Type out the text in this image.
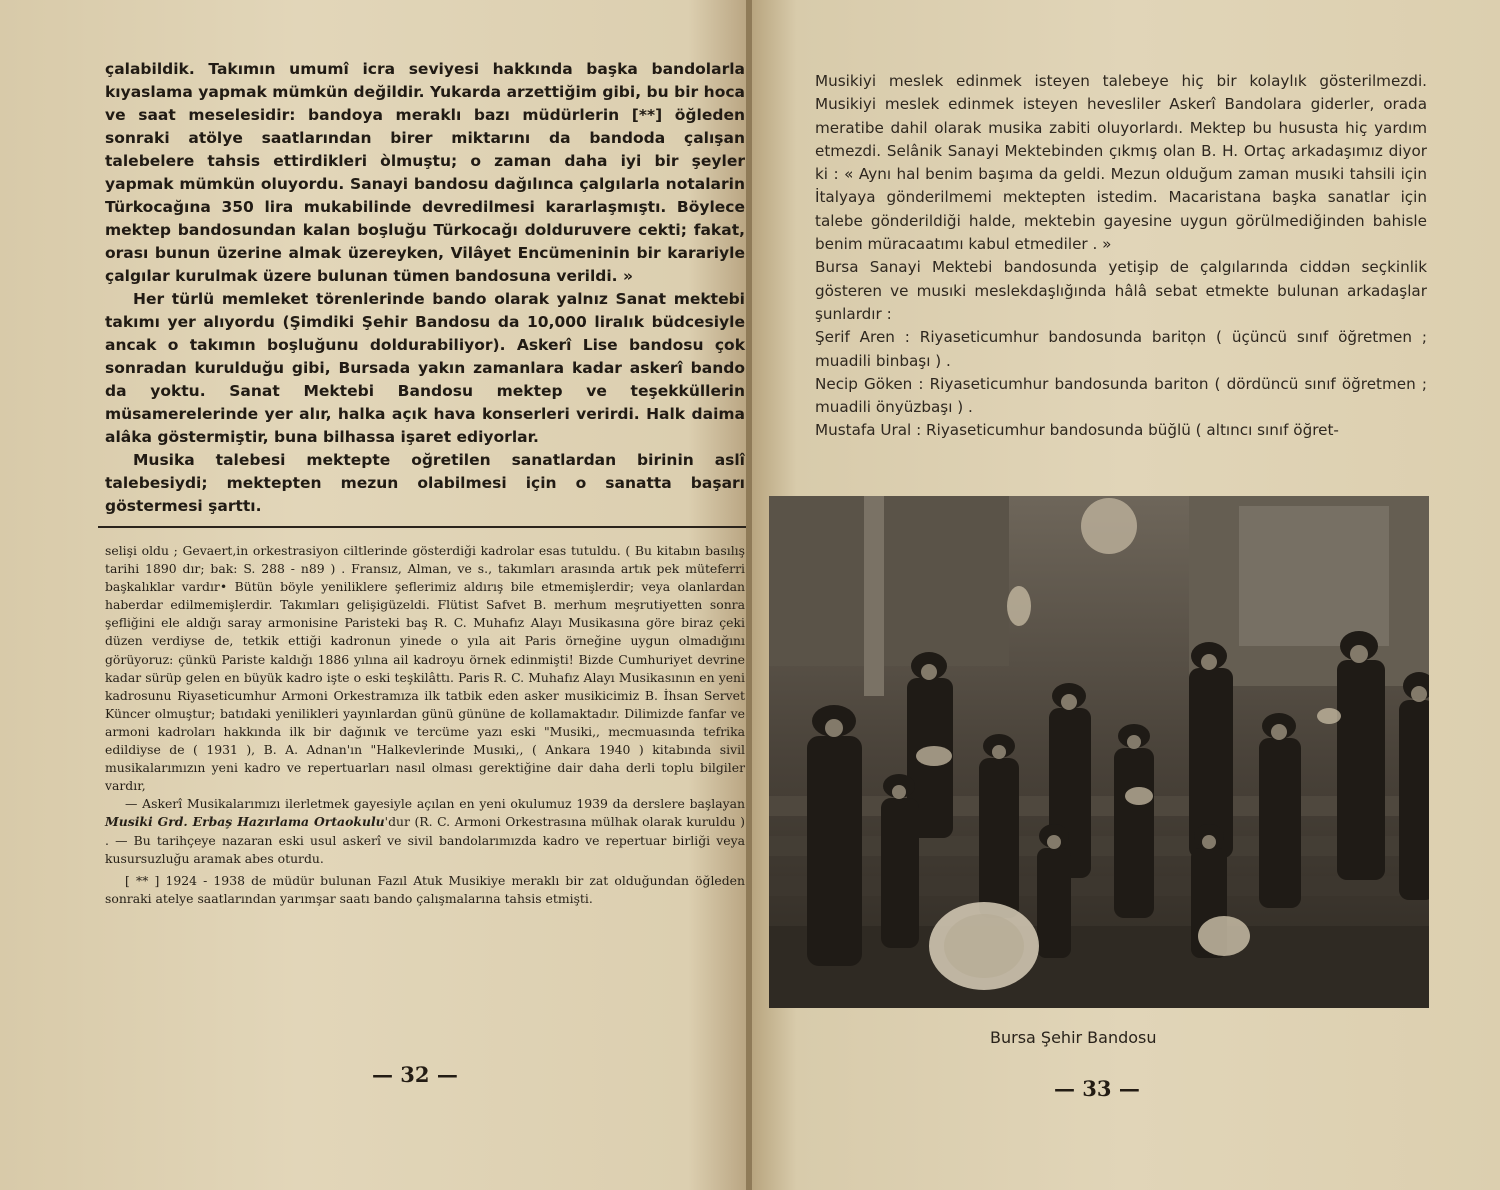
çalabildik. Takımın umumî icra seviyesi hakkında başka bandolarla kıyaslama yapmak mümkün değildir. Yukarda arzettiğim gibi, bu bir hoca ve saat meselesidir: bandoya meraklı bazı müdürlerin [**] öğleden sonraki atölye saatlarından birer miktarını da bandoda çalışan talebelere tahsis ettirdikleri òlmuştu; o zaman daha iyi bir şeyler yapmak mümkün oluyordu. Sanayi bandosu dağılınca çalgılarla notalarin Türkocağına 350 lira mukabilinde devredilmesi kararlaşmıştı. Böylece mektep bandosundan kalan boşluğu Türkocağı dolduruvere cekti; fakat, orası bunun üzerine almak üzereyken, Vilâyet Encümeninin bir karariyle çalgılar kurulmak üzere bulunan tümen bandosuna verildi. »

Her türlü memleket törenlerinde bando olarak yalnız Sanat mektebi takımı yer alıyordu (Şimdiki Şehir Bandosu da 10,000 liralık büdcesiyle ancak o takımın boşluğunu doldurabiliyor). Askerî Lise bandosu çok sonradan kurulduğu gibi, Bursada yakın zamanlara kadar askerî bando da yoktu. Sanat Mektebi Bandosu mektep ve teşekküllerin müsamerelerinde yer alır, halka açık hava konserleri verirdi. Halk daima alâka göstermiştir, buna bilhassa işaret ediyorlar.

Musika talebesi mektepte oğretilen sanatlardan birinin aslî talebesiydi; mektepten mezun olabilmesi için o sanatta başarı göstermesi şarttı.

selişi oldu ; Gevaert,in orkestrasiyon ciltlerinde gösterdiği kadrolar esas tutuldu. ( Bu kitabın basılış tarihi 1890 dır; bak: S. 288 - n89 ) . Fransız, Alman, ve s., takımları arasında artık pek müteferri başkalıklar vardır• Bütün böyle yeniliklere şeflerimiz aldırış bile etmemişlerdir; veya olanlardan haberdar edilmemişlerdir. Takımları gelişigüzeldi. Flütist Safvet B. merhum meşrutiyetten sonra şefliğini ele aldığı saray armonisine Paristeki baş R. C. Muhafız Alayı Musikasına göre biraz çeki düzen verdiyse de, tetkik ettiği kadronun yinede o yıla ait Paris örneğine uygun olmadığını görüyoruz: çünkü Pariste kaldığı 1886 yılına ail kadroyu örnek edinmişti! Bizde Cumhuriyet devrine kadar sürüp gelen en büyük kadro işte o eski teşkilâttı. Paris R. C. Muhafız Alayı Musikasının en yeni kadrosunu Riyaseticumhur Armoni Orkestramıza ilk tatbik eden asker musikicimiz B. İhsan Servet Küncer olmuştur; batıdaki yenilikleri yayınlardan günü gününe de kollamaktadır. Dilimizde fanfar ve armoni kadroları hakkında ilk bir dağınık ve tercüme yazı eski "Musiki,, mecmuasında tefrika edildiyse de ( 1931 ), B. A. Adnan'ın "Halkevlerinde Musıki,, ( Ankara 1940 ) kitabında sivil musikalarımızın yeni kadro ve repertuarları nasıl olması gerektiğine dair daha derli toplu bilgiler vardır,

— Askerî Musikalarımızı ilerletmek gayesiyle açılan en yeni okulumuz 1939 da derslere başlayan Musiki Grd. Erbaş Hazırlama Ortaokulu'dur (R. C. Armoni Orkestrasına mülhak olarak kuruldu ) . — Bu tarihçeye nazaran eski usul askerî ve sivil bandolarımızda kadro ve repertuar birliği veya kusursuzluğu aramak abes oturdu.

[ ** ] 1924 - 1938 de müdür bulunan Fazıl Atuk Musikiye meraklı bir zat olduğundan öğleden sonraki atelye saatlarından yarımşar saatı bando çalışmalarına tahsis etmişti.

— 32 —

Musikiyi meslek edinmek isteyen talebeye hiç bir kolaylık gösterilmezdi. Musikiyi meslek edinmek isteyen hevesliler Askerî Bandolara giderler, orada meratibe dahil olarak musika zabiti oluyorlardı. Mektep bu hususta hiç yardım etmezdi. Selânik Sanayi Mektebinden çıkmış olan B. H. Ortaç arkadaşımız diyor ki : « Aynı hal benim başıma da geldi. Mezun olduğum zaman musıki tahsili için İtalyaya gönderilmemi mektepten istedim. Macaristana başka sanatlar için talebe gönderildiği halde, mektebin gayesine uygun görülmediğinden bahisle benim müracaatımı kabul etmediler . »

Bursa Sanayi Mektebi bandosunda yetişip de çalgılarında ciddən seçkinlik gösteren ve musıki meslekdaşlığında hâlâ sebat etmekte bulunan arkadaşlar şunlardır :

Şerif Aren : Riyaseticumhur bandosunda baritọn ( üçüncü sınıf öğretmen ; muadili binbaşı ) .

Necip Göken : Riyaseticumhur bandosunda bariton ( dördüncü sınıf öğretmen ; muadili önyüzbaşı ) .

Mustafa Ural : Riyaseticumhur bandosunda büğlü ( altıncı sınıf öğret-

Bursa Şehir Bandosu
— 33 —
